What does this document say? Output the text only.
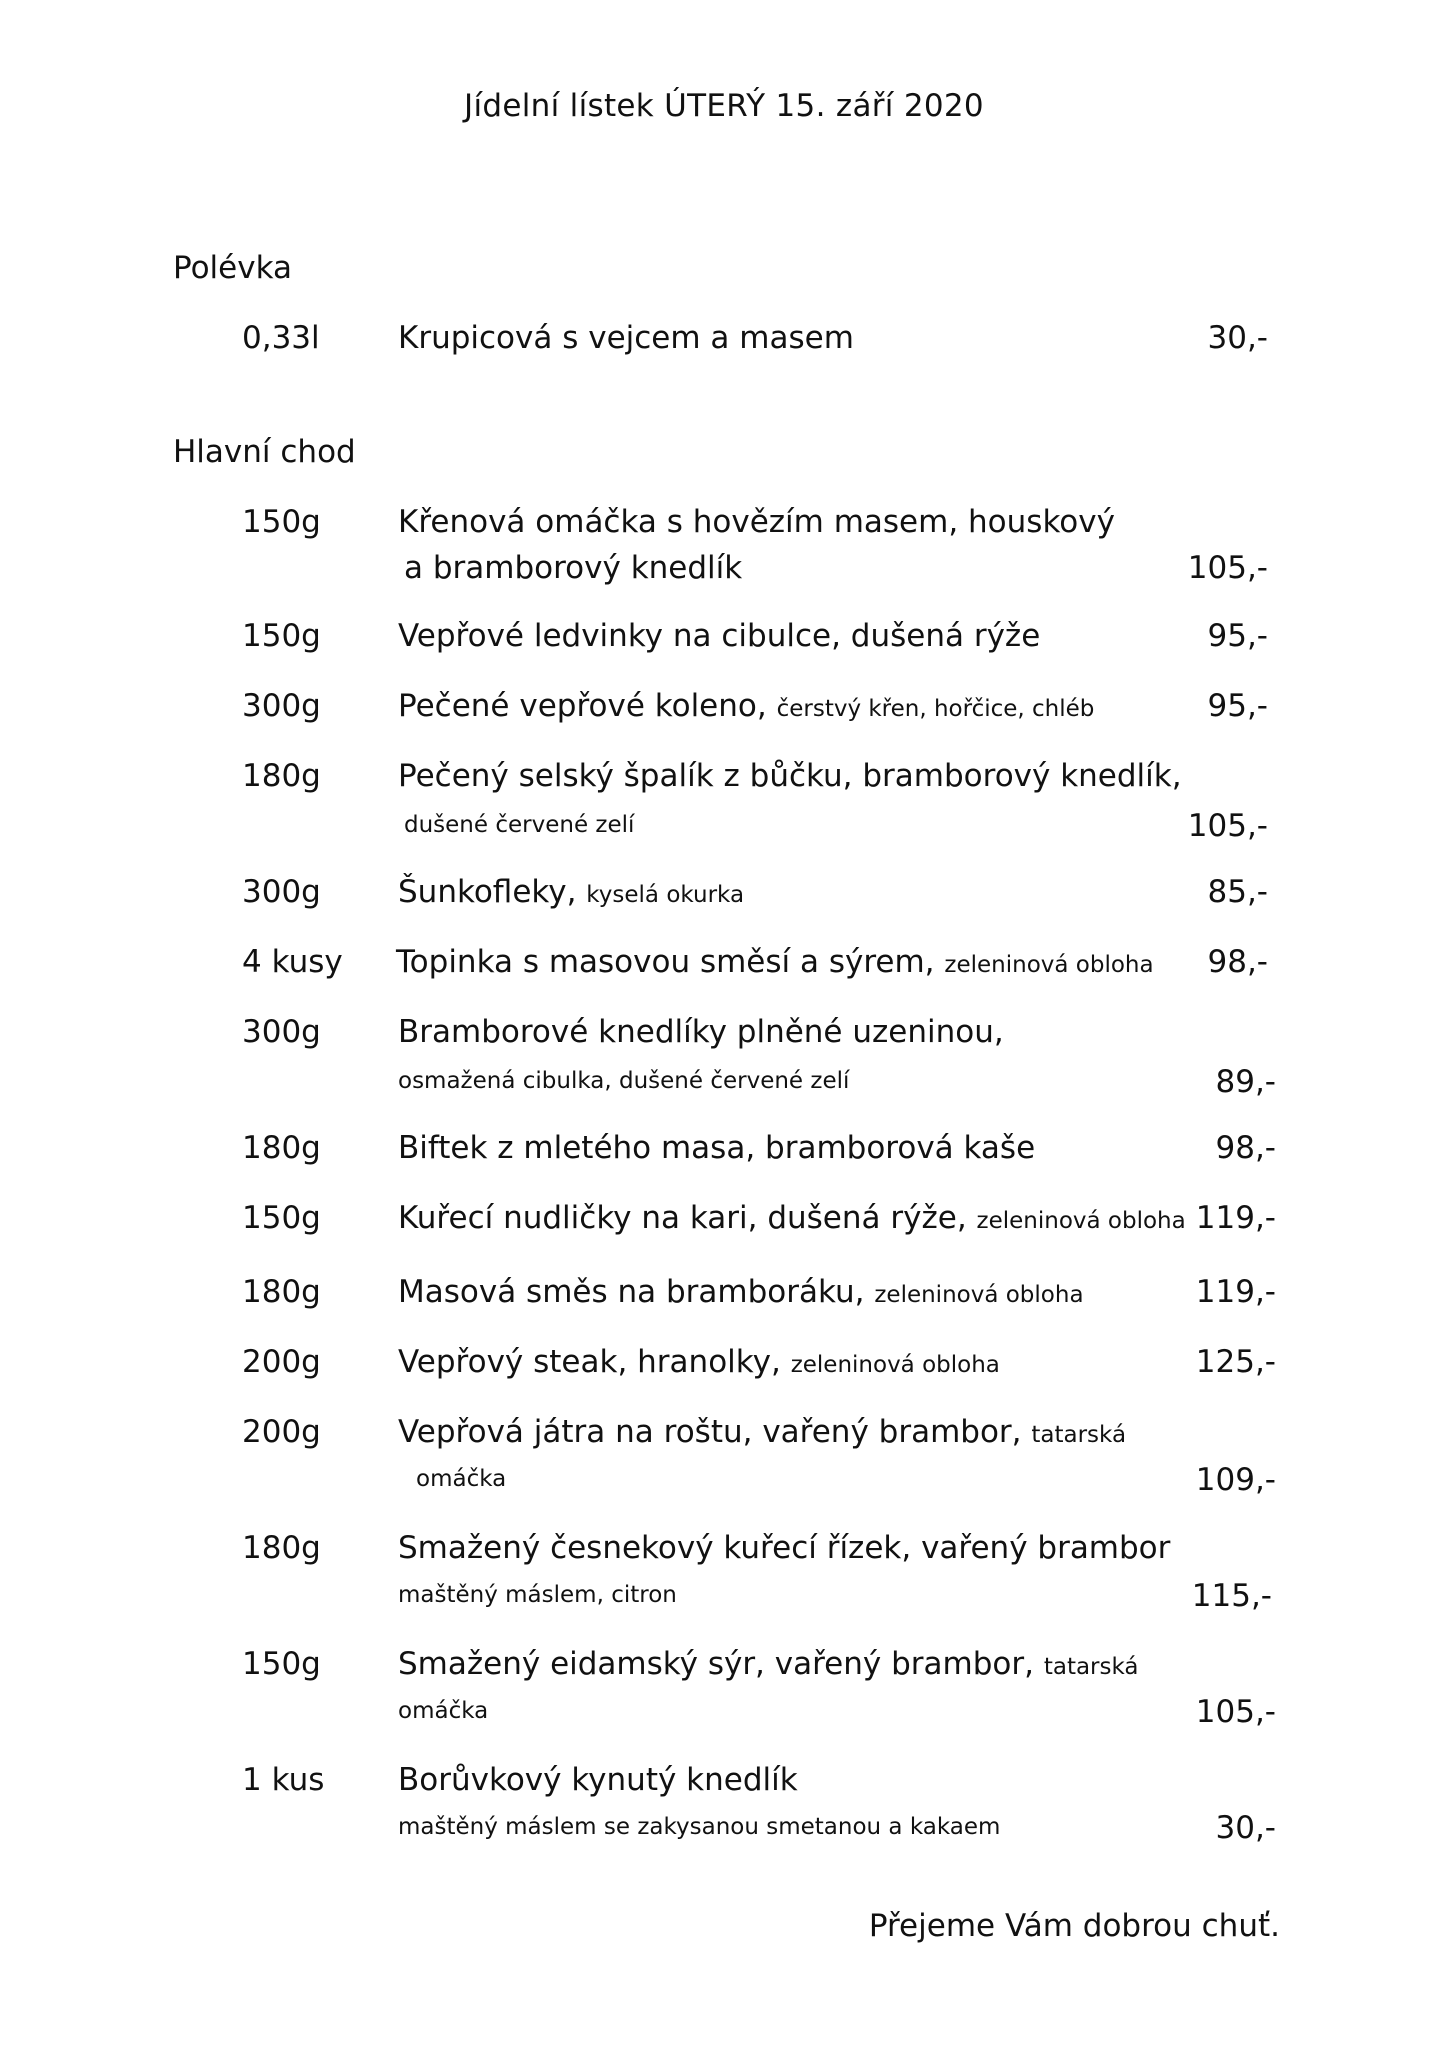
Jídelní lístek ÚTERÝ 15. září 2020
Polévka
0,33l	Krupicová s vejcem a masem	30,-
Hlavní chod
150g Křenová omáčka s hovězím masem, houskový
a bramborový knedlík	105,-
150g Vepřové ledvinky na cibulce, dušená rýže	95,-
300g Pečené vepřové koleno, čerstvý křen, hořčice, chléb	95,-
180g Pečený selský špalík z bůčku, bramborový knedlík,
dušené červené zelí	105,-
300g Šunkofleky, kyselá okurka	85,-
4 kusy Topinka s masovou směsí a sýrem, zeleninová obloha 98,-
300g Bramborové knedlíky plněné uzeninou,
osmažená cibulka, dušené červené zelí	89,-
180g Biftek z mletého masa, bramborová kaše	98,-
150g Kuřecí nudličky na kari, dušená rýže, zeleninová obloha 119,-
180g Masová směs na bramboráku, zeleninová obloha	119,-
200g Vepřový steak, hranolky, zeleninová obloha	125,-
200g Vepřová játra na roštu, vařený brambor, tatarská
omáčka	109,-
180g Smažený česnekový kuřecí řízek, vařený brambor
maštěný máslem, citron	115,-
150g Smažený eidamský sýr, vařený brambor, tatarská
omáčka	105,-
1 kus Borůvkový kynutý knedlík
maštěný máslem se zakysanou smetanou a kakaem	30,-
Přejeme Vám dobrou chuť.
